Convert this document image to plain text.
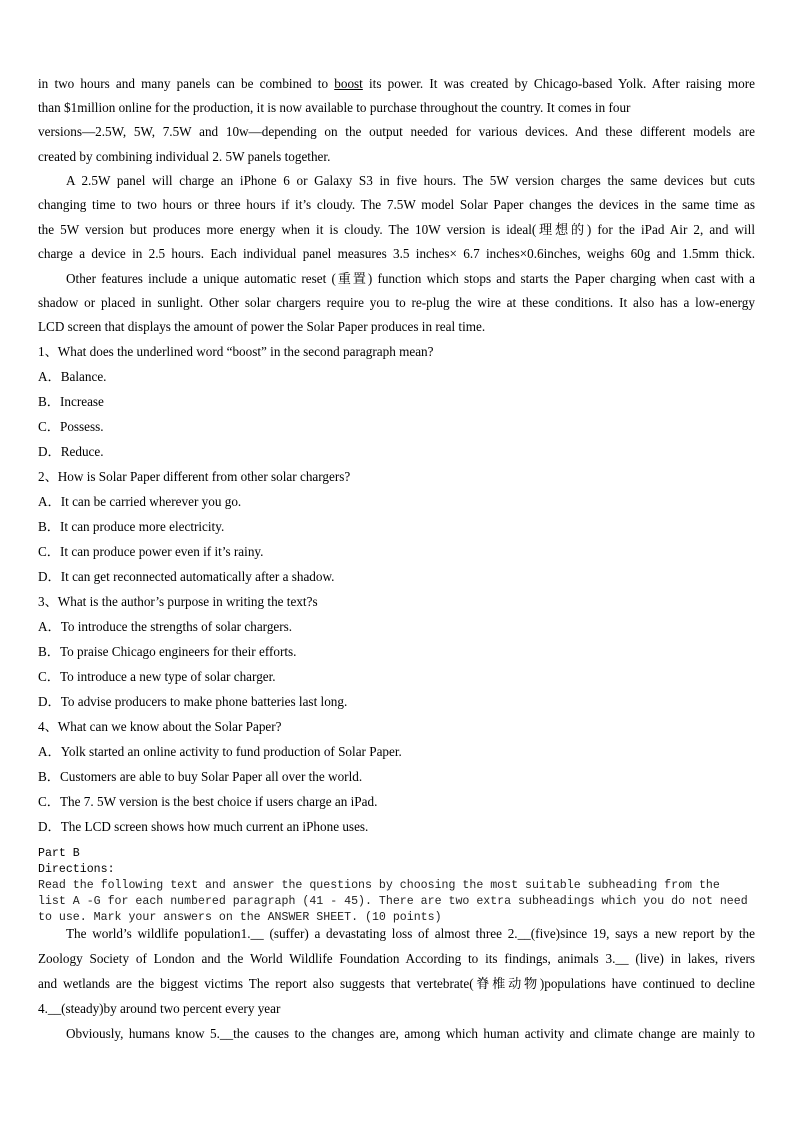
in two hours and many panels can be combined to boost its power. It was created by Chicago-based Yolk. After raising more
than $1million online for the production, it is now available to purchase throughout the country. It comes in four
versions—2.5W, 5W, 7.5W and 10w—depending on the output needed for various devices. And these different models are
created by combining individual 2. 5W panels together.
A 2.5W panel will charge an iPhone 6 or Galaxy S3 in five hours. The 5W version charges the same devices but cuts
changing time to two hours or three hours if it’s cloudy. The 7.5W model Solar Paper changes the devices in the same time as
the 5W version but produces more energy when it is cloudy. The 10W version is ideal(理想的) for the iPad Air 2, and will
charge a device in 2.5 hours. Each individual panel measures 3.5 inches× 6.7 inches×0.6inches, weighs 60g and 1.5mm thick.
Other features include a unique automatic reset (重置) function which stops and starts the Paper charging when cast with a
shadow or placed in sunlight. Other solar chargers require you to re-plug the wire at these conditions. It also has a low-energy
LCD screen that displays the amount of power the Solar Paper produces in real time.
1、What does the underlined word “boost” in the second paragraph mean?
A．Balance.
B．Increase
C．Possess.
D．Reduce.
2、How is Solar Paper different from other solar chargers?
A．It can be carried wherever you go.
B．It can produce more electricity.
C．It can produce power even if it’s rainy.
D．It can get reconnected automatically after a shadow.
3、What is the author’s purpose in writing the text?s
A．To introduce the strengths of solar chargers.
B．To praise Chicago engineers for their efforts.
C．To introduce a new type of solar charger.
D．To advise producers to make phone batteries last long.
4、What can we know about the Solar Paper?
A．Yolk started an online activity to fund production of Solar Paper.
B．Customers are able to buy Solar Paper all over the world.
C．The 7. 5W version is the best choice if users charge an iPad.
D．The LCD screen shows how much current an iPhone uses.
Part B
Directions:
Read the following text and answer the questions by choosing the most suitable subheading from the
list A -G for each numbered paragraph (41 - 45). There are two extra subheadings which you do not need
to use. Mark your answers on the ANSWER SHEET. (10 points)
The world’s wildlife population1.__ (suffer) a devastating loss of almost three 2.__(five)since 19, says a new report by the
Zoology Society of London and the World Wildlife Foundation According to its findings, animals 3.__ (live) in lakes, rivers
and wetlands are the biggest victims The report also suggests that vertebrate(脊椎动物)populations have continued to decline
4.__(steady)by around two percent every year
Obviously, humans know 5.__the causes to the changes are, among which human activity and climate change are mainly to
